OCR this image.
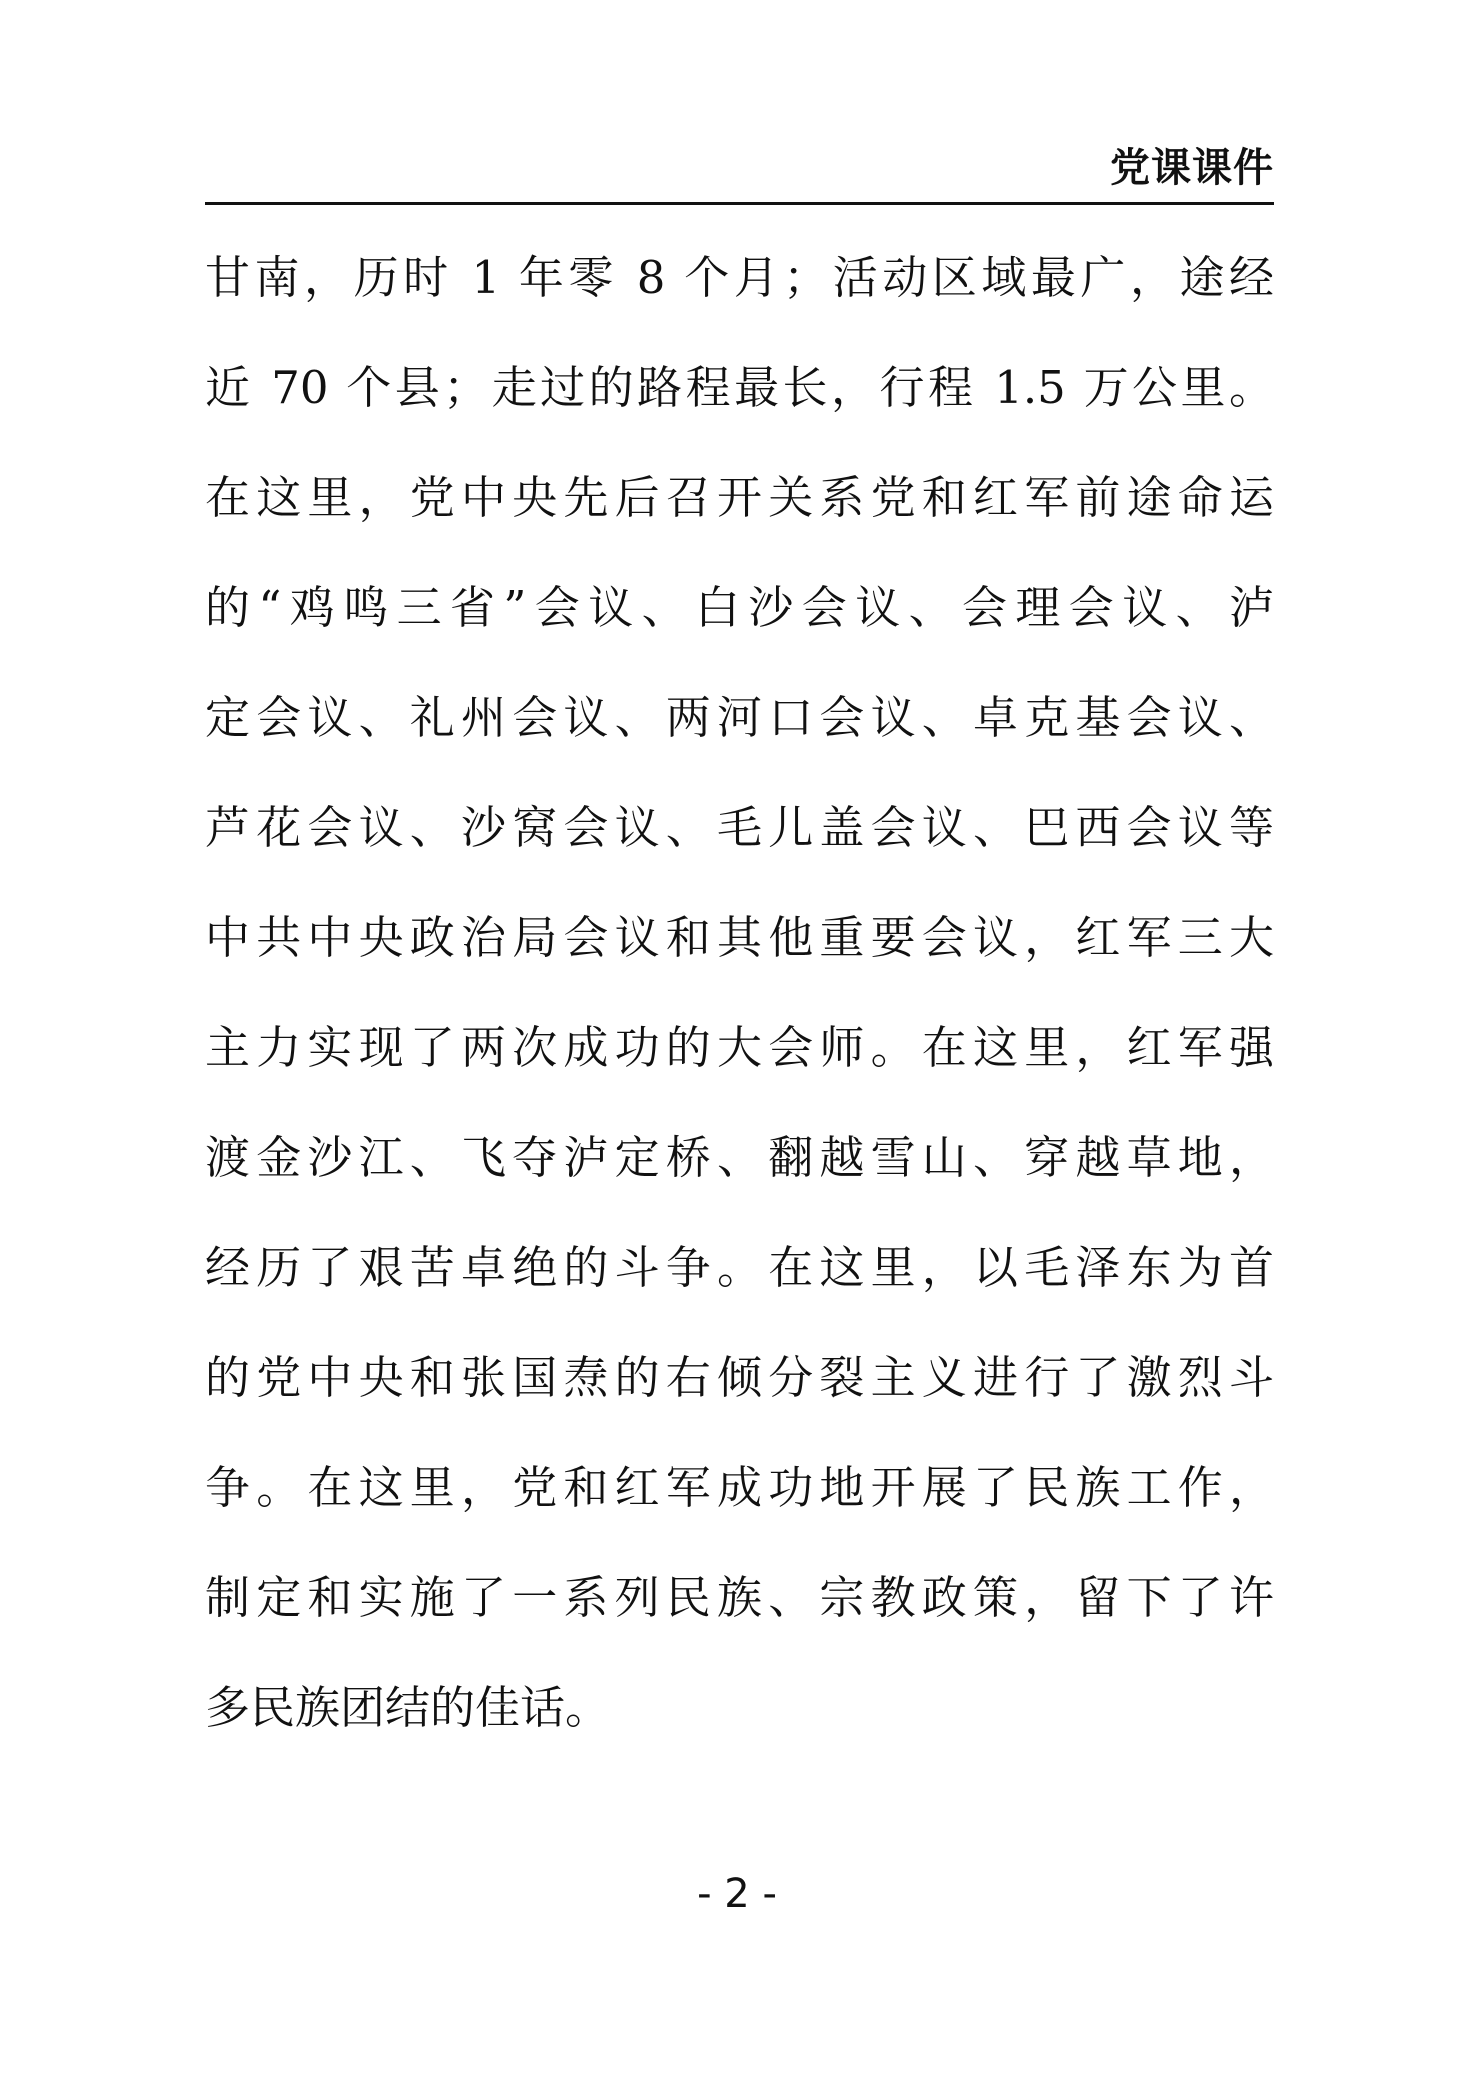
党课课件
甘南，历时 1 年零 8 个月；活动区域最广，途经
近 70 个县；走过的路程最长，行程 1.5 万公里。
在这里，党中央先后召开关系党和红军前途命运
的“鸡鸣三省”会议、白沙会议、会理会议、泸
定会议、礼州会议、两河口会议、卓克基会议、
芦花会议、沙窝会议、毛儿盖会议、巴西会议等
中共中央政治局会议和其他重要会议，红军三大
主力实现了两次成功的大会师。在这里，红军强
渡金沙江、飞夺泸定桥、翻越雪山、穿越草地，
经历了艰苦卓绝的斗争。在这里，以毛泽东为首
的党中央和张国焘的右倾分裂主义进行了激烈斗
争。在这里，党和红军成功地开展了民族工作，
制定和实施了一系列民族、宗教政策，留下了许
多民族团结的佳话。
- 2 -
